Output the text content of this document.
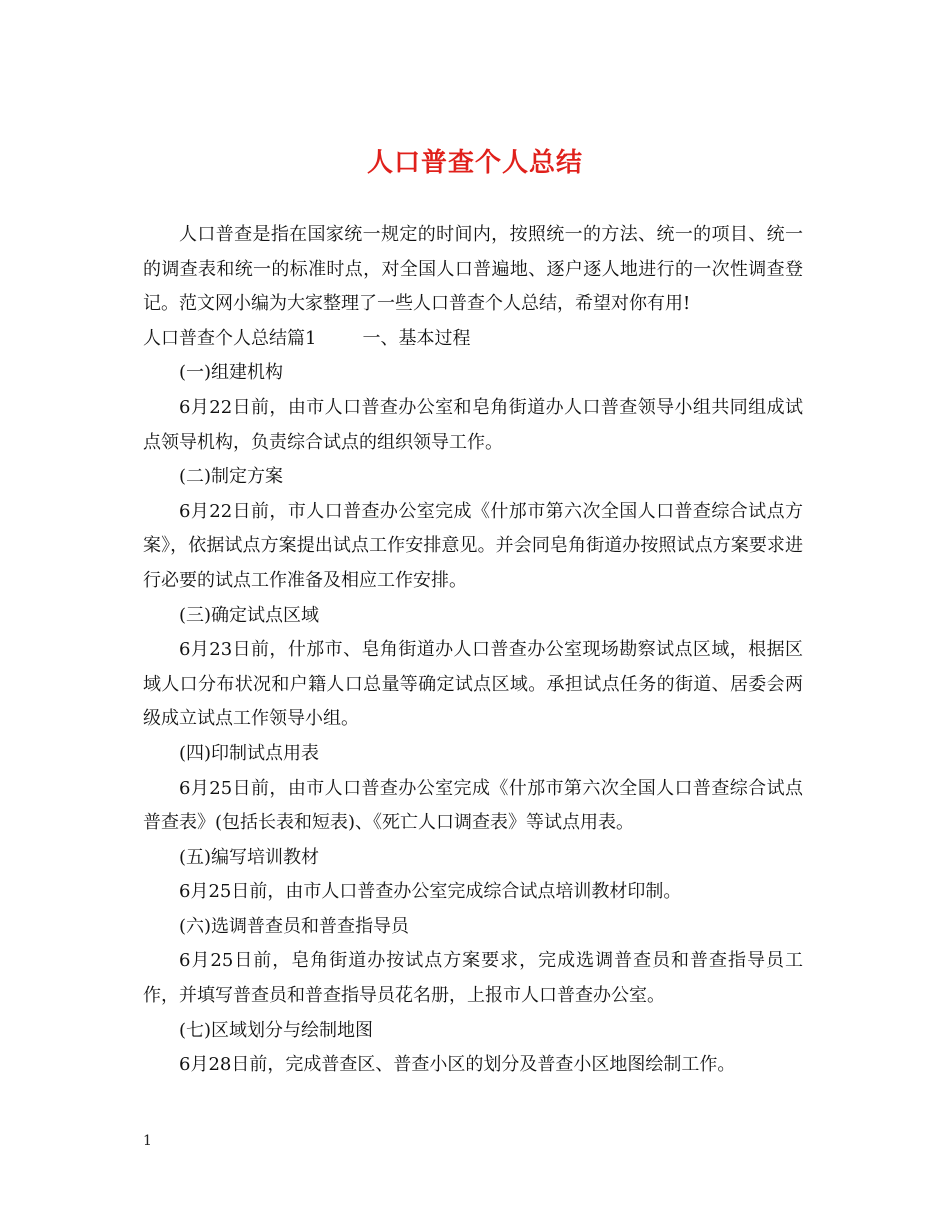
人口普查个人总结

人口普查是指在国家统一规定的时间内，按照统一的方法、统一的项目、统一的调查表和统一的标准时点，对全国人口普遍地、逐户逐人地进行的一次性调查登记。范文网小编为大家整理了一些人口普查个人总结，希望对你有用!

人口普查个人总结篇1	一、基本过程

(一)组建机构

6月22日前，由市人口普查办公室和皂角街道办人口普查领导小组共同组成试点领导机构，负责综合试点的组织领导工作。

(二)制定方案

6月22日前，市人口普查办公室完成《什邡市第六次全国人口普查综合试点方案》，依据试点方案提出试点工作安排意见。并会同皂角街道办按照试点方案要求进行必要的试点工作准备及相应工作安排。

(三)确定试点区域

6月23日前，什邡市、皂角街道办人口普查办公室现场勘察试点区域，根据区域人口分布状况和户籍人口总量等确定试点区域。承担试点任务的街道、居委会两级成立试点工作领导小组。

(四)印制试点用表

6月25日前，由市人口普查办公室完成《什邡市第六次全国人口普查综合试点普查表》(包括长表和短表)、《死亡人口调查表》等试点用表。

(五)编写培训教材

6月25日前，由市人口普查办公室完成综合试点培训教材印制。

(六)选调普查员和普查指导员

6月25日前，皂角街道办按试点方案要求，完成选调普查员和普查指导员工作，并填写普查员和普查指导员花名册，上报市人口普查办公室。

(七)区域划分与绘制地图

6月28日前，完成普查区、普查小区的划分及普查小区地图绘制工作。

1
